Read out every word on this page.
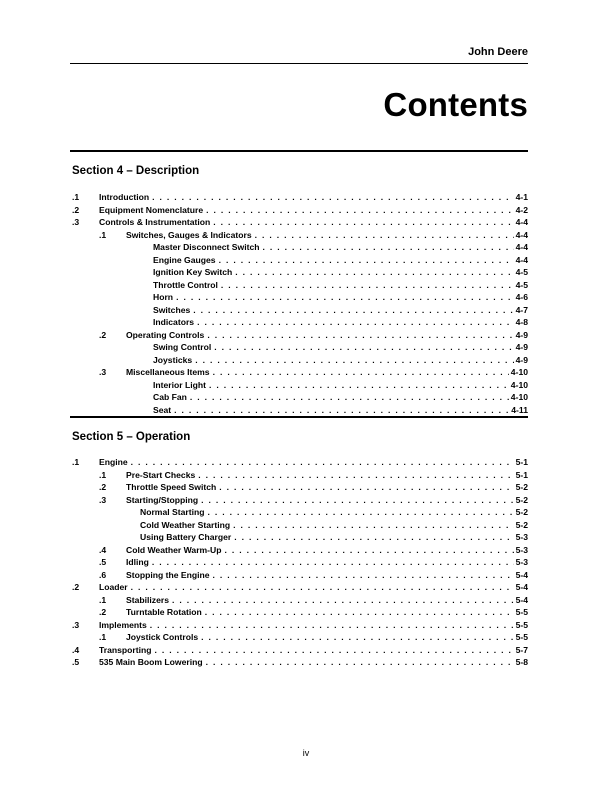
John Deere
Contents
Section 4 – Description
.1 Introduction . . .	4-1
.2 Equipment Nomenclature . . .	4-2
.3 Controls & Instrumentation . . .	4-4
.1 Switches, Gauges & Indicators . . .	4-4
Master Disconnect Switch . . .	4-4
Engine Gauges . . .	4-4
Ignition Key Switch . . .	4-5
Throttle Control . . .	4-5
Horn . . .	4-6
Switches . . .	4-7
Indicators . . .	4-8
.2 Operating Controls . . .	4-9
Swing Control . . .	4-9
Joysticks . . .	4-9
.3 Miscellaneous Items . . .	4-10
Interior Light . . .	4-10
Cab Fan . . .	4-10
Seat . . .	4-11
Section 5 – Operation
.1 Engine . . .	5-1
.1 Pre-Start Checks . . .	5-1
.2 Throttle Speed Switch . . .	5-2
.3 Starting/Stopping . . .	5-2
Normal Starting . . .	5-2
Cold Weather Starting . . .	5-2
Using Battery Charger . . .	5-3
.4 Cold Weather Warm-Up . . .	5-3
.5 Idling . . .	5-3
.6 Stopping the Engine . . .	5-4
.2 Loader . . .	5-4
.1 Stabilizers . . .	5-4
.2 Turntable Rotation . . .	5-5
.3 Implements . . .	5-5
.1 Joystick Controls . . .	5-5
.4 Transporting . . .	5-7
.5 535 Main Boom Lowering . . .	5-8
iv
